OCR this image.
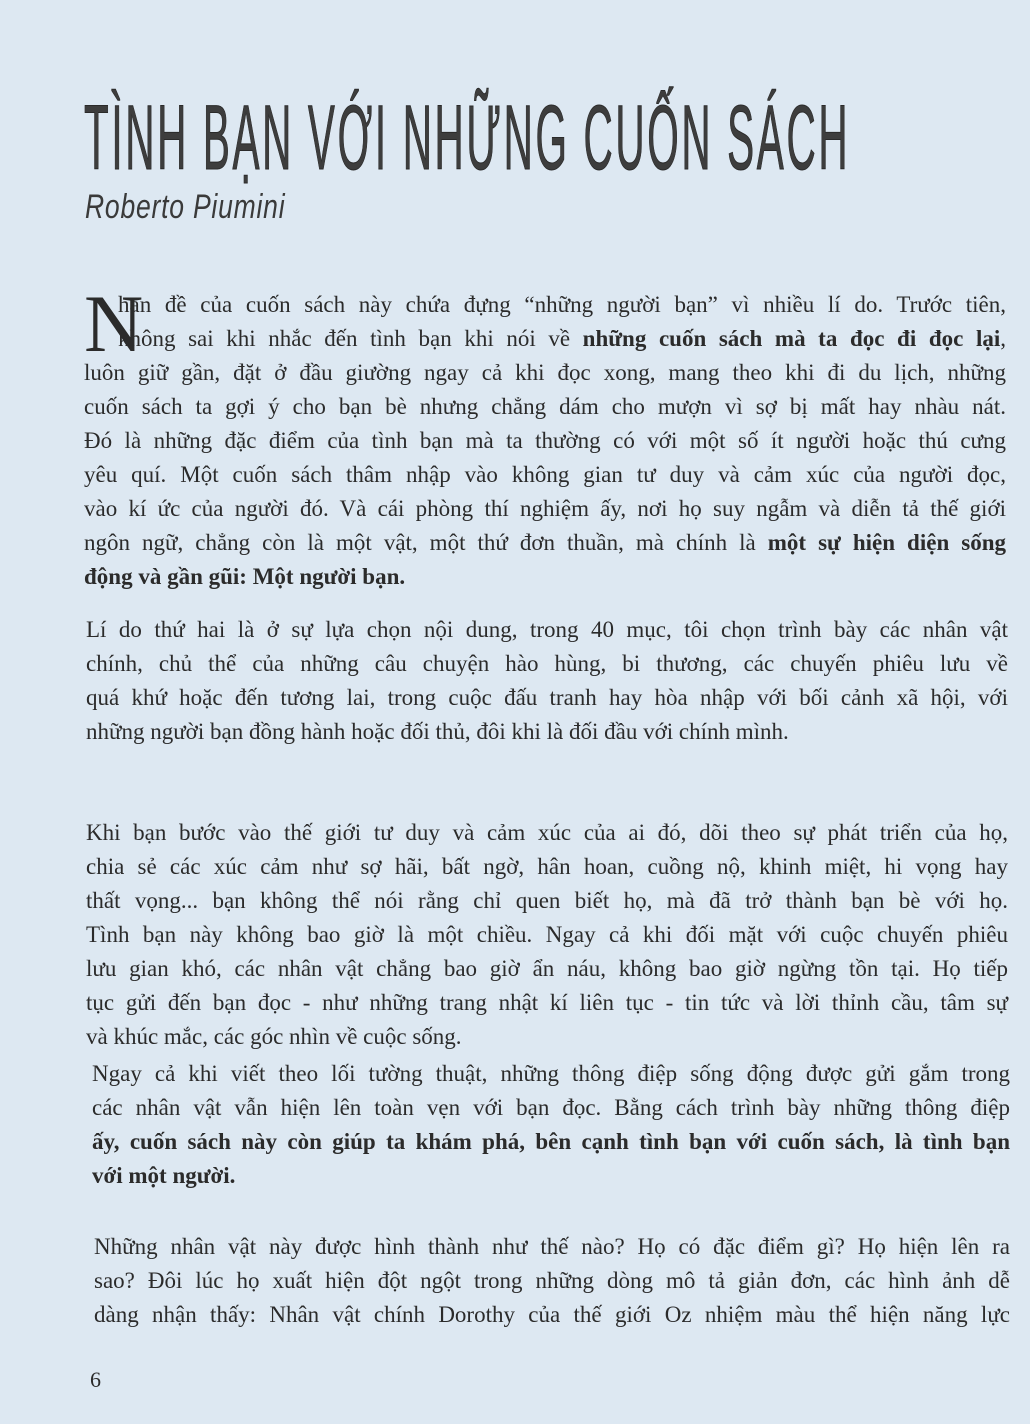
TÌNH BẠN VỚI NHỮNG CUỐN SÁCH
Roberto Piumini
N
han đề của cuốn sách này chứa đựng “những người bạn” vì nhiều lí do. Trước tiên,
không sai khi nhắc đến tình bạn khi nói về những cuốn sách mà ta đọc đi đọc lại,
luôn giữ gần, đặt ở đầu giường ngay cả khi đọc xong, mang theo khi đi du lịch, những
cuốn sách ta gợi ý cho bạn bè nhưng chẳng dám cho mượn vì sợ bị mất hay nhàu nát.
Đó là những đặc điểm của tình bạn mà ta thường có với một số ít người hoặc thú cưng
yêu quí. Một cuốn sách thâm nhập vào không gian tư duy và cảm xúc của người đọc,
vào kí ức của người đó. Và cái phòng thí nghiệm ấy, nơi họ suy ngẫm và diễn tả thế giới
ngôn ngữ, chẳng còn là một vật, một thứ đơn thuần, mà chính là một sự hiện diện sống
động và gần gũi: Một người bạn.
Lí do thứ hai là ở sự lựa chọn nội dung, trong 40 mục, tôi chọn trình bày các nhân vật
chính, chủ thể của những câu chuyện hào hùng, bi thương, các chuyến phiêu lưu về
quá khứ hoặc đến tương lai, trong cuộc đấu tranh hay hòa nhập với bối cảnh xã hội, với
những người bạn đồng hành hoặc đối thủ, đôi khi là đối đầu với chính mình.
Khi bạn bước vào thế giới tư duy và cảm xúc của ai đó, dõi theo sự phát triển của họ,
chia sẻ các xúc cảm như sợ hãi, bất ngờ, hân hoan, cuồng nộ, khinh miệt, hi vọng hay
thất vọng... bạn không thể nói rằng chỉ quen biết họ, mà đã trở thành bạn bè với họ.
Tình bạn này không bao giờ là một chiều. Ngay cả khi đối mặt với cuộc chuyến phiêu
lưu gian khó, các nhân vật chẳng bao giờ ẩn náu, không bao giờ ngừng tồn tại. Họ tiếp
tục gửi đến bạn đọc - như những trang nhật kí liên tục - tin tức và lời thỉnh cầu, tâm sự
và khúc mắc, các góc nhìn về cuộc sống.
Ngay cả khi viết theo lối tường thuật, những thông điệp sống động được gửi gắm trong
các nhân vật vẫn hiện lên toàn vẹn với bạn đọc. Bằng cách trình bày những thông điệp
ấy, cuốn sách này còn giúp ta khám phá, bên cạnh tình bạn với cuốn sách, là tình bạn
với một người.
Những nhân vật này được hình thành như thế nào? Họ có đặc điểm gì? Họ hiện lên ra
sao? Đôi lúc họ xuất hiện đột ngột trong những dòng mô tả giản đơn, các hình ảnh dễ
dàng nhận thấy: Nhân vật chính Dorothy của thế giới Oz nhiệm màu thể hiện năng lực
6
